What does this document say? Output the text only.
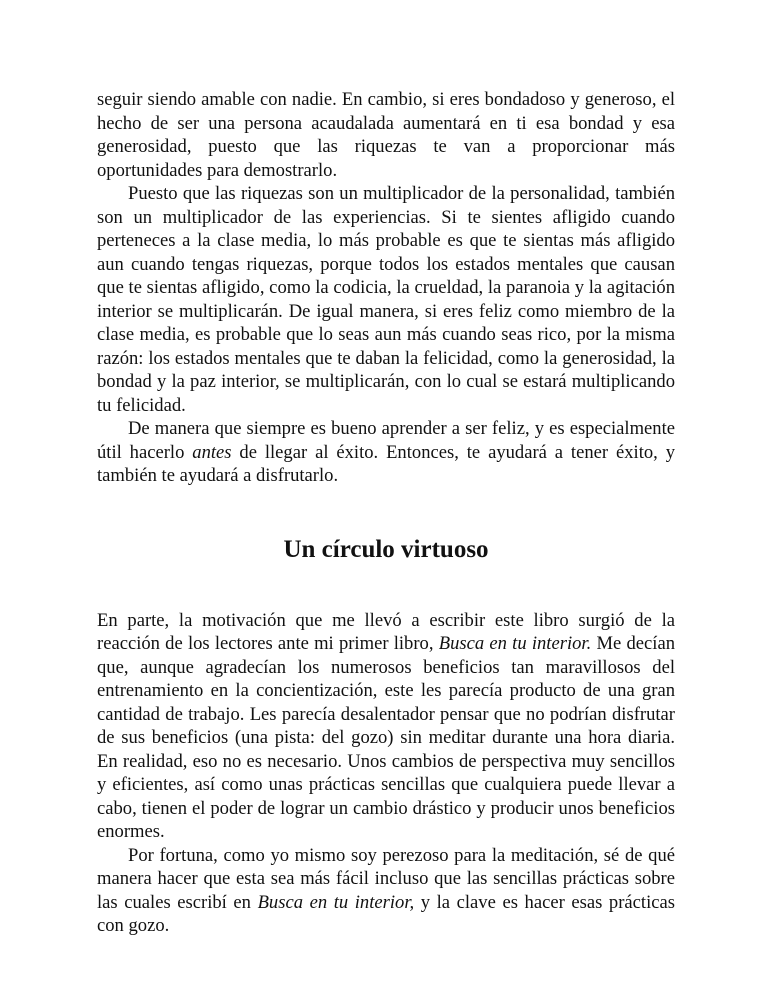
seguir siendo amable con nadie. En cambio, si eres bondadoso y generoso, el hecho de ser una persona acaudalada aumentará en ti esa bondad y esa generosidad, puesto que las riquezas te van a proporcionar más oportunidades para demostrarlo.

Puesto que las riquezas son un multiplicador de la personalidad, también son un multiplicador de las experiencias. Si te sientes afligido cuando perteneces a la clase media, lo más probable es que te sientas más afligido aun cuando tengas riquezas, porque todos los estados mentales que causan que te sientas afligido, como la codicia, la crueldad, la paranoia y la agitación interior se multiplicarán. De igual manera, si eres feliz como miembro de la clase media, es probable que lo seas aun más cuando seas rico, por la misma razón: los estados mentales que te daban la felicidad, como la generosidad, la bondad y la paz interior, se multiplicarán, con lo cual se estará multiplicando tu felicidad.

De manera que siempre es bueno aprender a ser feliz, y es especialmente útil hacerlo antes de llegar al éxito. Entonces, te ayudará a tener éxito, y también te ayudará a disfrutarlo.

Un círculo virtuoso

En parte, la motivación que me llevó a escribir este libro surgió de la reacción de los lectores ante mi primer libro, Busca en tu interior. Me decían que, aunque agradecían los numerosos beneficios tan maravillosos del entrenamiento en la concientización, este les parecía producto de una gran cantidad de trabajo. Les parecía desalentador pensar que no podrían disfrutar de sus beneficios (una pista: del gozo) sin meditar durante una hora diaria. En realidad, eso no es necesario. Unos cambios de perspectiva muy sencillos y eficientes, así como unas prácticas sencillas que cualquiera puede llevar a cabo, tienen el poder de lograr un cambio drástico y producir unos beneficios enormes.

Por fortuna, como yo mismo soy perezoso para la meditación, sé de qué manera hacer que esta sea más fácil incluso que las sencillas prácticas sobre las cuales escribí en Busca en tu interior, y la clave es hacer esas prácticas con gozo.
